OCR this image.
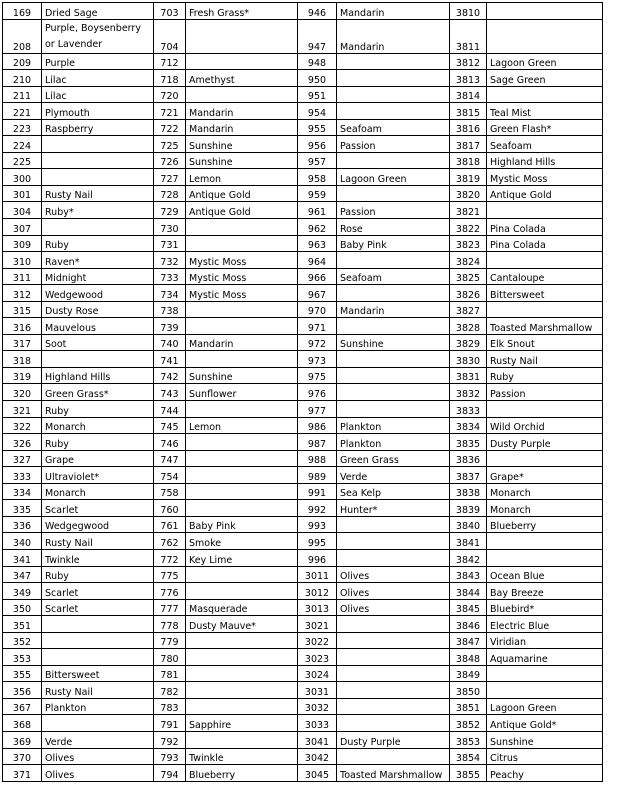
169	Dried Sage	703	Fresh Grass*	946	Mandarin	3810	
208	Purple, Boysenberry or Lavender	704		947	Mandarin	3811	
209	Purple	712		948		3812	Lagoon Green
210	Lilac	718	Amethyst	950		3813	Sage Green
211	Lilac	720		951		3814	
221	Plymouth	721	Mandarin	954		3815	Teal Mist
223	Raspberry	722	Mandarin	955	Seafoam	3816	Green Flash*
224		725	Sunshine	956	Passion	3817	Seafoam
225		726	Sunshine	957		3818	Highland Hills
300		727	Lemon	958	Lagoon Green	3819	Mystic Moss
301	Rusty Nail	728	Antique Gold	959		3820	Antique Gold
304	Ruby*	729	Antique Gold	961	Passion	3821	
307		730		962	Rose	3822	Pina Colada
309	Ruby	731		963	Baby Pink	3823	Pina Colada
310	Raven*	732	Mystic Moss	964		3824	
311	Midnight	733	Mystic Moss	966	Seafoam	3825	Cantaloupe
312	Wedgewood	734	Mystic Moss	967		3826	Bittersweet
315	Dusty Rose	738		970	Mandarin	3827	
316	Mauvelous	739		971		3828	Toasted Marshmallow
317	Soot	740	Mandarin	972	Sunshine	3829	Elk Snout
318		741		973		3830	Rusty Nail
319	Highland Hills	742	Sunshine	975		3831	Ruby
320	Green Grass*	743	Sunflower	976		3832	Passion
321	Ruby	744		977		3833	
322	Monarch	745	Lemon	986	Plankton	3834	Wild Orchid
326	Ruby	746		987	Plankton	3835	Dusty Purple
327	Grape	747		988	Green Grass	3836	
333	Ultraviolet*	754		989	Verde	3837	Grape*
334	Monarch	758		991	Sea Kelp	3838	Monarch
335	Scarlet	760		992	Hunter*	3839	Monarch
336	Wedgegwood	761	Baby Pink	993		3840	Blueberry
340	Rusty Nail	762	Smoke	995		3841	
341	Twinkle	772	Key Lime	996		3842	
347	Ruby	775		3011	Olives	3843	Ocean Blue
349	Scarlet	776		3012	Olives	3844	Bay Breeze
350	Scarlet	777	Masquerade	3013	Olives	3845	Bluebird*
351		778	Dusty Mauve*	3021		3846	Electric Blue
352		779		3022		3847	Viridian
353		780		3023		3848	Aquamarine
355	Bittersweet	781		3024		3849	
356	Rusty Nail	782		3031		3850	
367	Plankton	783		3032		3851	Lagoon Green
368		791	Sapphire	3033		3852	Antique Gold*
369	Verde	792		3041	Dusty Purple	3853	Sunshine
370	Olives	793	Twinkle	3042		3854	Citrus
371	Olives	794	Blueberry	3045	Toasted Marshmallow	3855	Peachy
